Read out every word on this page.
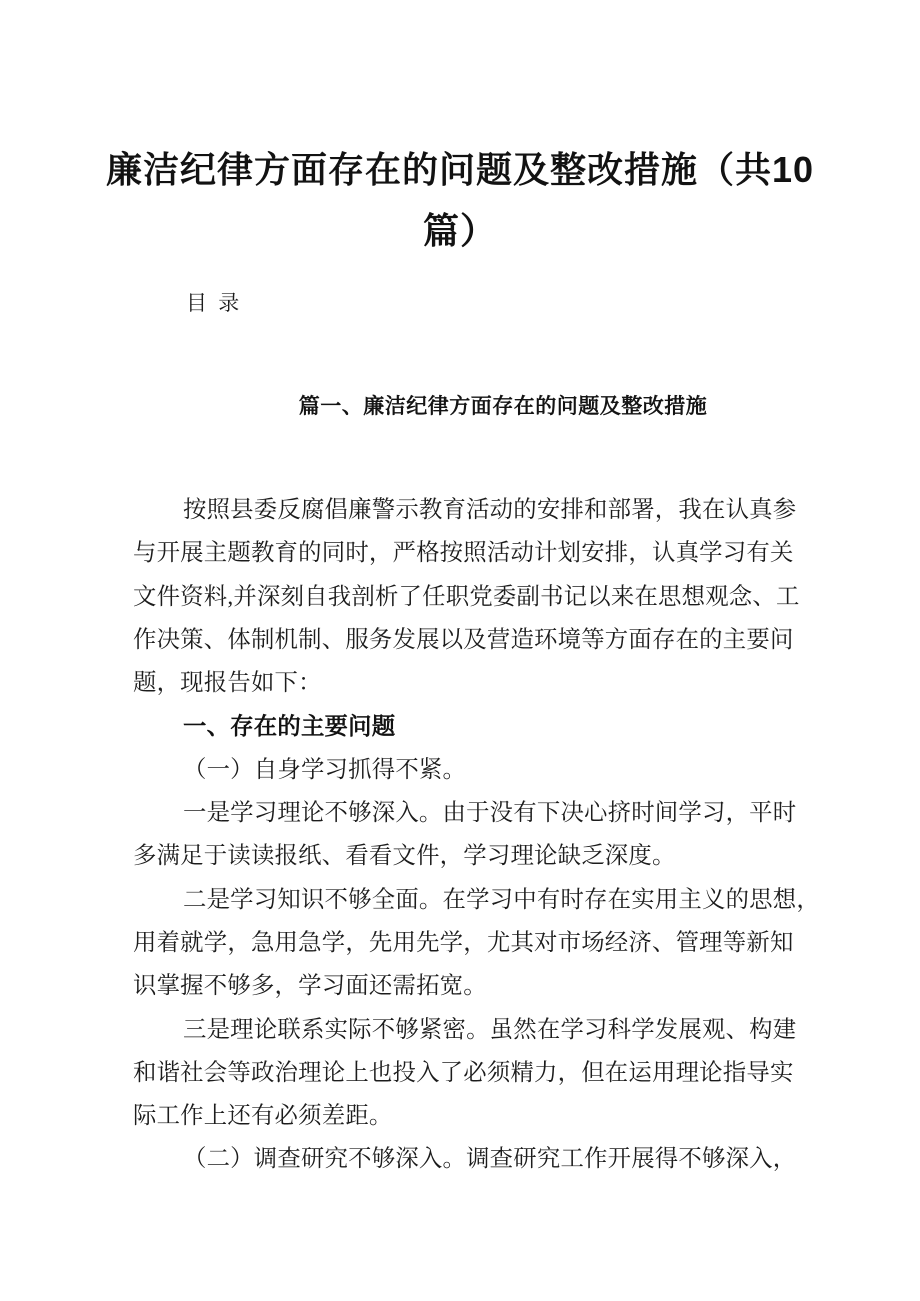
廉洁纪律方面存在的问题及整改措施（共10
篇）
目 录
篇一、廉洁纪律方面存在的问题及整改措施
按照县委反腐倡廉警示教育活动的安排和部署，我在认真参
与开展主题教育的同时，严格按照活动计划安排，认真学习有关
文件资料,并深刻自我剖析了任职党委副书记以来在思想观念、工
作决策、体制机制、服务发展以及营造环境等方面存在的主要问
题，现报告如下：
一、存在的主要问题
（一）自身学习抓得不紧。
一是学习理论不够深入。由于没有下决心挤时间学习，平时
多满足于读读报纸、看看文件，学习理论缺乏深度。
二是学习知识不够全面。在学习中有时存在实用主义的思想，
用着就学，急用急学，先用先学，尤其对市场经济、管理等新知
识掌握不够多，学习面还需拓宽。
三是理论联系实际不够紧密。虽然在学习科学发展观、构建
和谐社会等政治理论上也投入了必须精力，但在运用理论指导实
际工作上还有必须差距。
（二）调查研究不够深入。调查研究工作开展得不够深入，
